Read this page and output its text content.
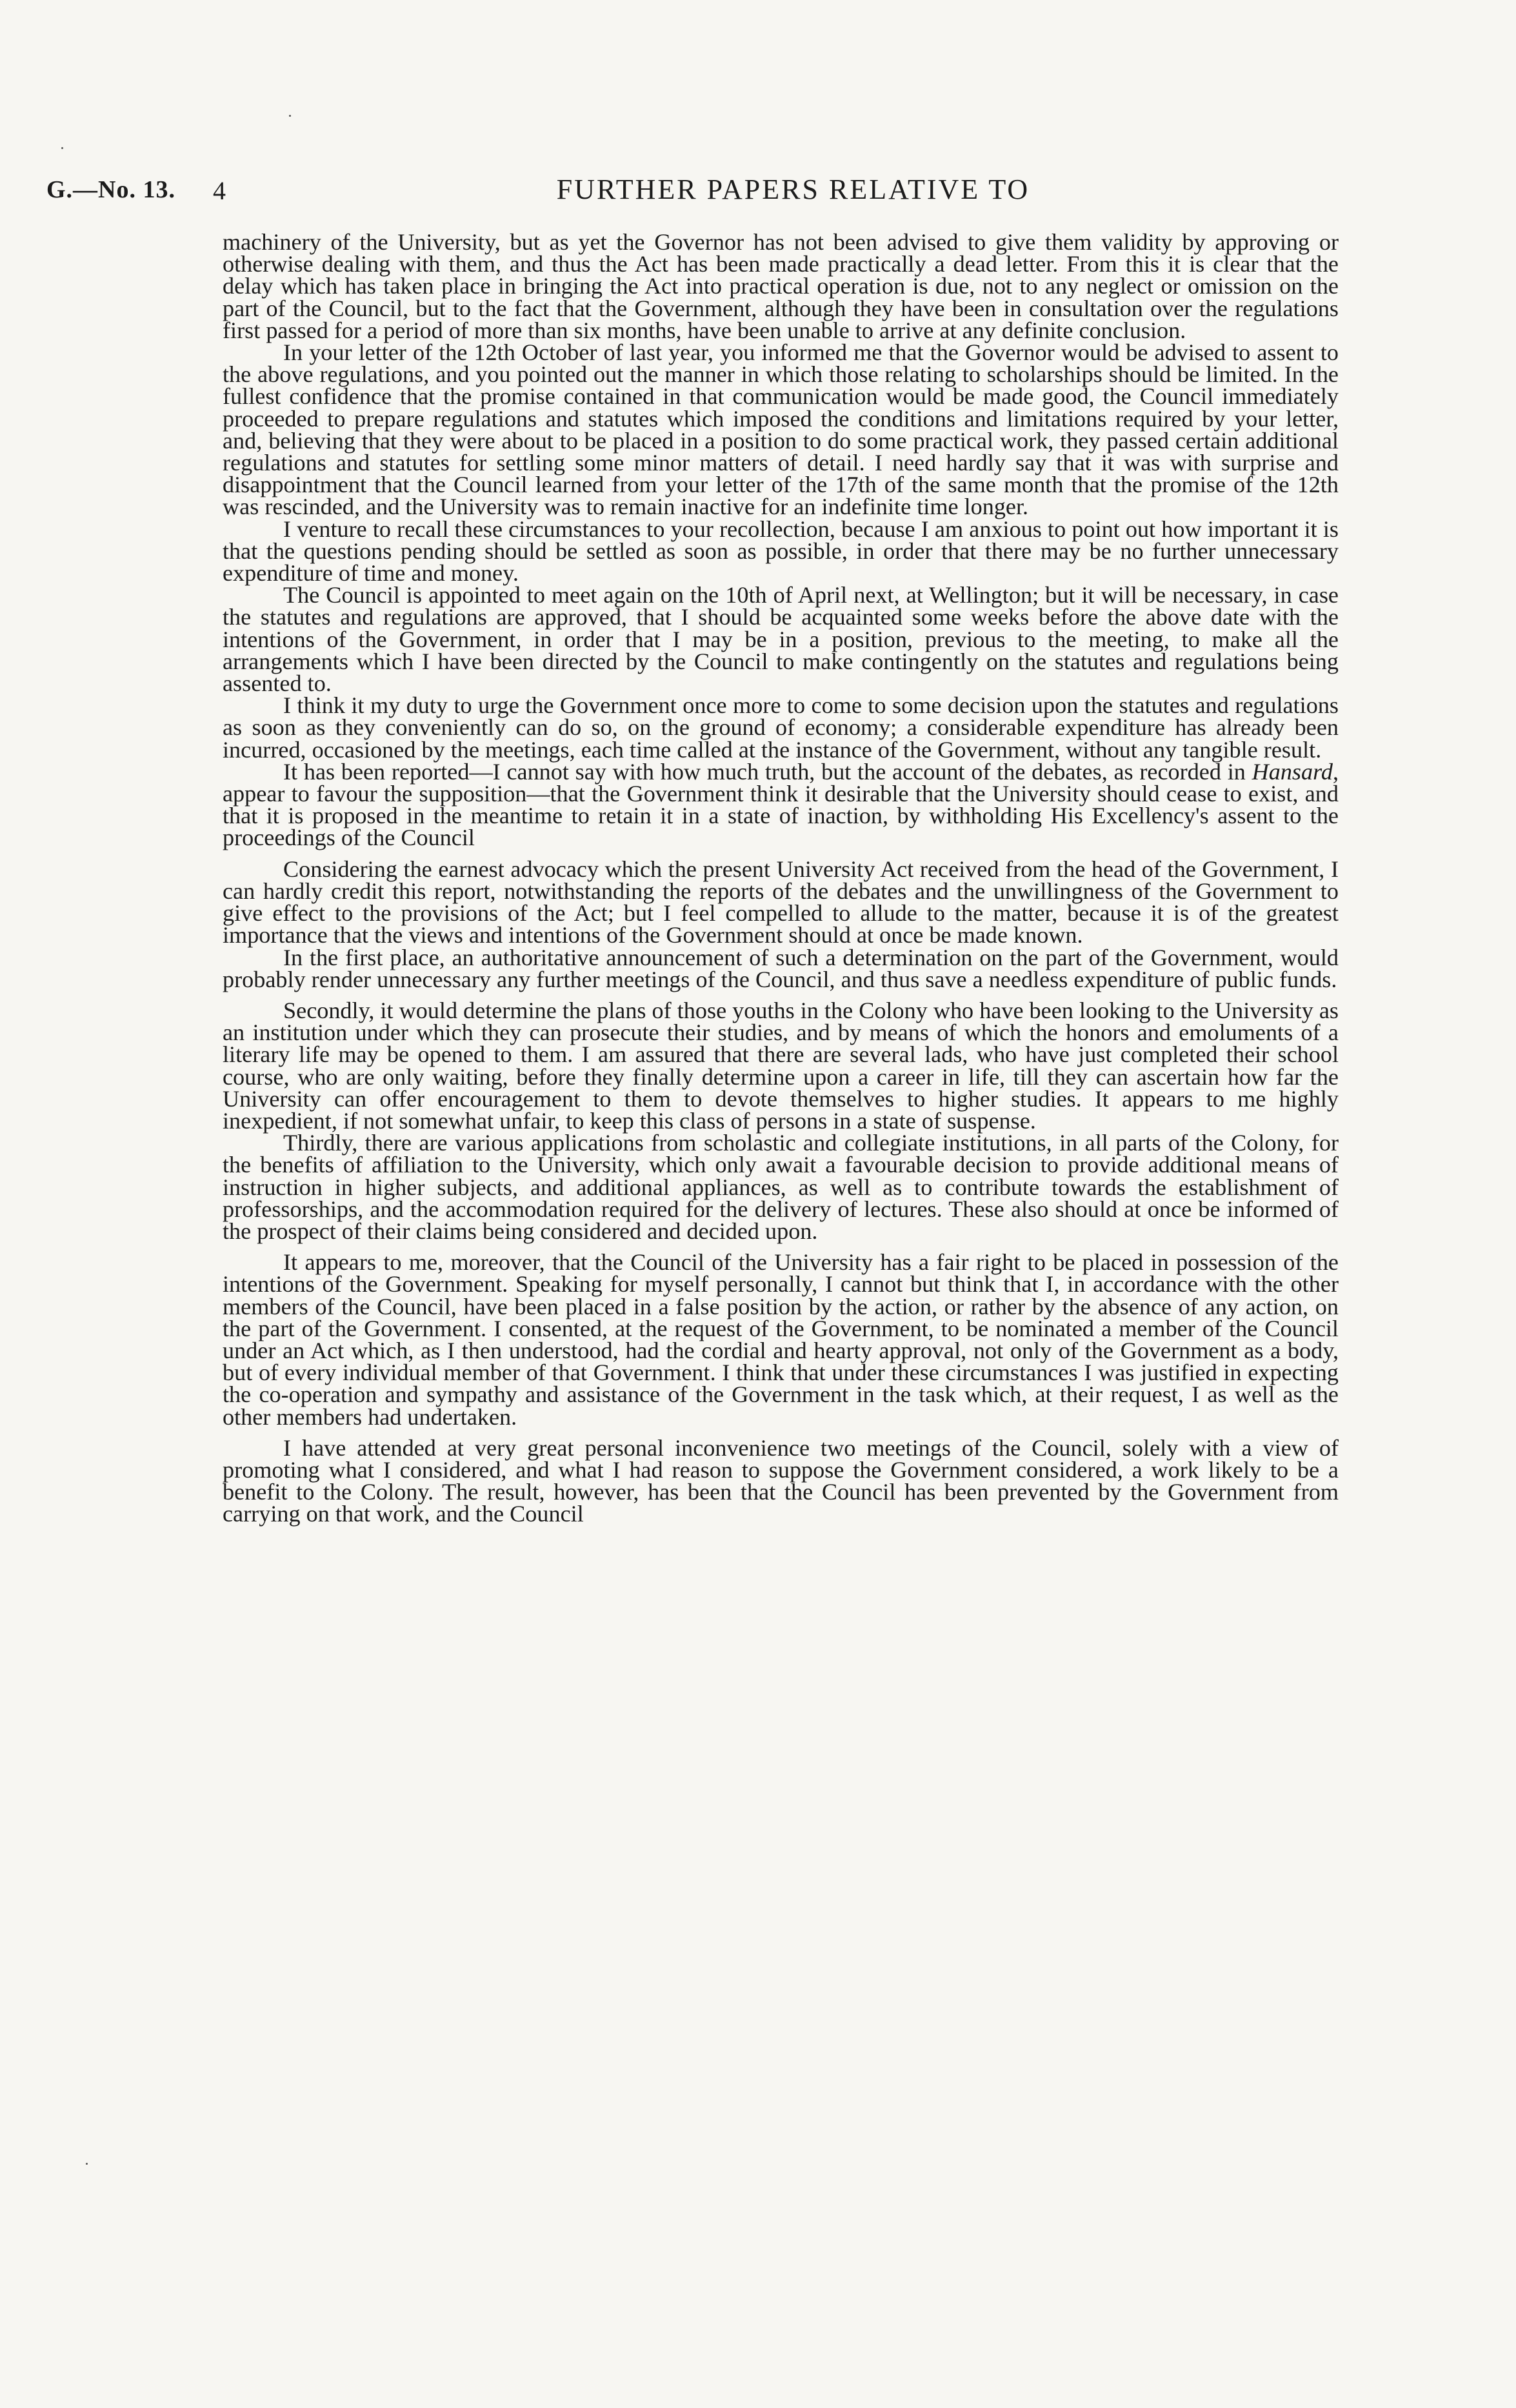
G.—No. 13. 4	FURTHER PAPERS RELATIVE TO

machinery of the University, but as yet the Governor has not been advised to give them validity by approving or otherwise dealing with them, and thus the Act has been made practically a dead letter. From this it is clear that the delay which has taken place in bringing the Act into practical operation is due, not to any neglect or omission on the part of the Council, but to the fact that the Government, although they have been in consultation over the regulations first passed for a period of more than six months, have been unable to arrive at any definite conclusion.

In your letter of the 12th October of last year, you informed me that the Governor would be advised to assent to the above regulations, and you pointed out the manner in which those relating to scholarships should be limited. In the fullest confidence that the promise contained in that communication would be made good, the Council immediately proceeded to prepare regulations and statutes which imposed the conditions and limitations required by your letter, and, believing that they were about to be placed in a position to do some practical work, they passed certain additional regulations and statutes for settling some minor matters of detail. I need hardly say that it was with surprise and disappointment that the Council learned from your letter of the 17th of the same month that the promise of the 12th was rescinded, and the University was to remain inactive for an indefinite time longer.

I venture to recall these circumstances to your recollection, because I am anxious to point out how important it is that the questions pending should be settled as soon as possible, in order that there may be no further unnecessary expenditure of time and money.

The Council is appointed to meet again on the 10th of April next, at Wellington; but it will be necessary, in case the statutes and regulations are approved, that I should be acquainted some weeks before the above date with the intentions of the Government, in order that I may be in a position, previous to the meeting, to make all the arrangements which I have been directed by the Council to make contingently on the statutes and regulations being assented to.

I think it my duty to urge the Government once more to come to some decision upon the statutes and regulations as soon as they conveniently can do so, on the ground of economy; a considerable expenditure has already been incurred, occasioned by the meetings, each time called at the instance of the Government, without any tangible result.

It has been reported—I cannot say with how much truth, but the account of the debates, as recorded in Hansard, appear to favour the supposition—that the Government think it desirable that the University should cease to exist, and that it is proposed in the meantime to retain it in a state of inaction, by withholding His Excellency's assent to the proceedings of the Council

Considering the earnest advocacy which the present University Act received from the head of the Government, I can hardly credit this report, notwithstanding the reports of the debates and the unwillingness of the Government to give effect to the provisions of the Act; but I feel compelled to allude to the matter, because it is of the greatest importance that the views and intentions of the Government should at once be made known.

In the first place, an authoritative announcement of such a determination on the part of the Government, would probably render unnecessary any further meetings of the Council, and thus save a needless expenditure of public funds.

Secondly, it would determine the plans of those youths in the Colony who have been looking to the University as an institution under which they can prosecute their studies, and by means of which the honors and emoluments of a literary life may be opened to them. I am assured that there are several lads, who have just completed their school course, who are only waiting, before they finally determine upon a career in life, till they can ascertain how far the University can offer encouragement to them to devote themselves to higher studies. It appears to me highly inexpedient, if not somewhat unfair, to keep this class of persons in a state of suspense.

Thirdly, there are various applications from scholastic and collegiate institutions, in all parts of the Colony, for the benefits of affiliation to the University, which only await a favourable decision to provide additional means of instruction in higher subjects, and additional appliances, as well as to contribute towards the establishment of professorships, and the accommodation required for the delivery of lectures. These also should at once be informed of the prospect of their claims being considered and decided upon.

It appears to me, moreover, that the Council of the University has a fair right to be placed in possession of the intentions of the Government. Speaking for myself personally, I cannot but think that I, in accordance with the other members of the Council, have been placed in a false position by the action, or rather by the absence of any action, on the part of the Government. I consented, at the request of the Government, to be nominated a member of the Council under an Act which, as I then understood, had the cordial and hearty approval, not only of the Government as a body, but of every individual member of that Government. I think that under these circumstances I was justified in expecting the co-operation and sympathy and assistance of the Government in the task which, at their request, I as well as the other members had undertaken.

I have attended at very great personal inconvenience two meetings of the Council, solely with a view of promoting what I considered, and what I had reason to suppose the Government considered, a work likely to be a benefit to the Colony. The result, however, has been that the Council has been prevented by the Government from carrying on that work, and the Council
